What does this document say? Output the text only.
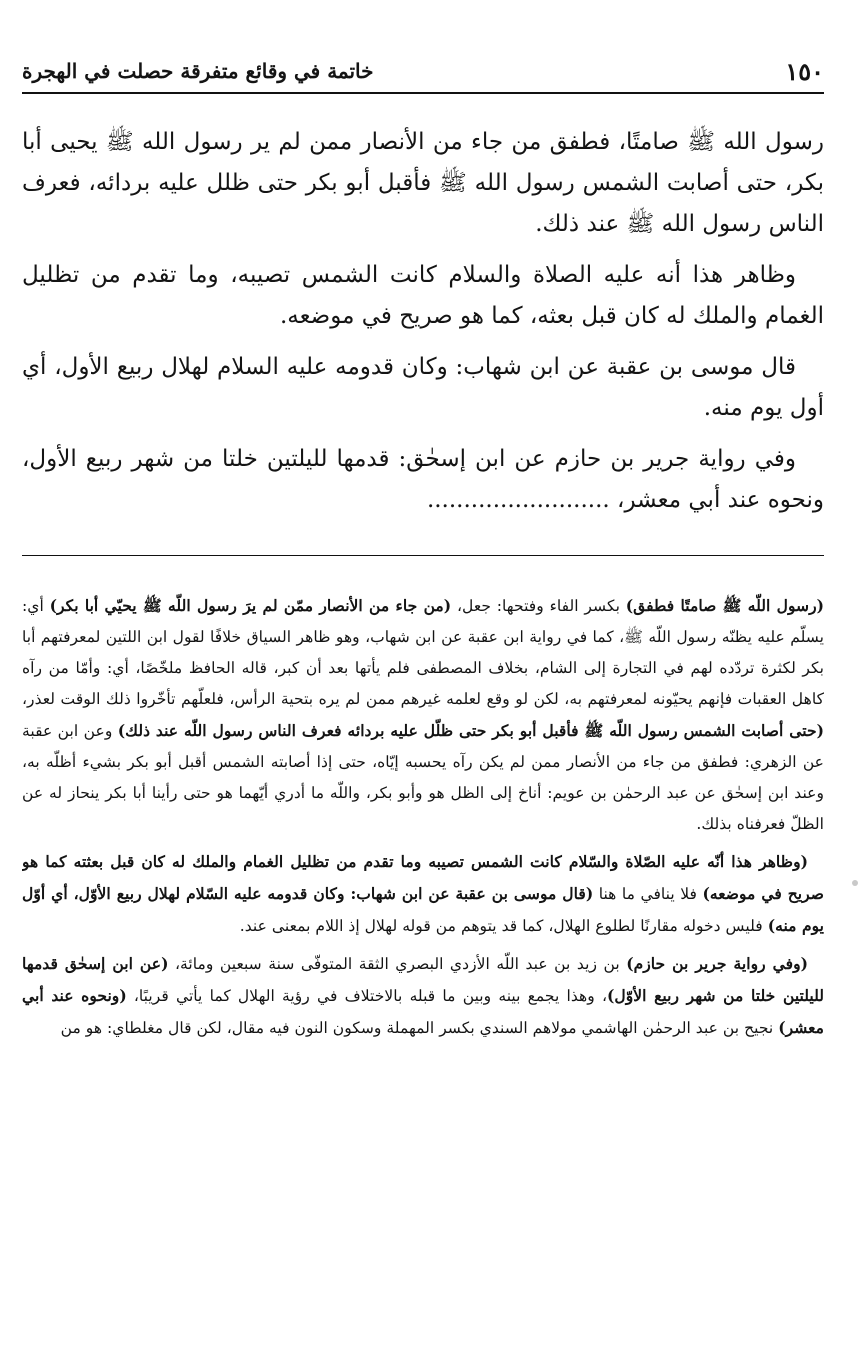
١٥٠
خاتمة في وقائع متفرقة حصلت في الهجرة

رسول الله ﷺ صامتًا، فطفق من جاء من الأنصار ممن لم ير رسول الله ﷺ يحيى أبا بكر، حتى أصابت الشمس رسول الله ﷺ فأقبل أبو بكر حتى ظلل عليه بردائه، فعرف الناس رسول الله ﷺ عند ذلك.

وظاهر هذا أنه عليه الصلاة والسلام كانت الشمس تصيبه، وما تقدم من تظليل الغمام والملك له كان قبل بعثه، كما هو صريح في موضعه.

قال موسى بن عقبة عن ابن شهاب: وكان قدومه عليه السلام لهلال ربيع الأول، أي أول يوم منه.

وفي رواية جرير بن حازم عن ابن إسحٰق: قدمها لليلتين خلتا من شهر ربيع الأول، ونحوه عند أبي معشر، .........................

(رسول اللّه ﷺ صامتًا فطفق) بكسر الفاء وفتحها: جعل، (من جاء من الأنصار ممّن لم يرَ رسول اللّه ﷺ يحيّي أبا بكر) أي: يسلّم عليه يظنّه رسول اللّه ﷺ، كما في رواية ابن عقبة عن ابن شهاب، وهو ظاهر السياق خلافًا لقول ابن اللتين لمعرفتهم أبا بكر لكثرة تردّده لهم في التجارة إلى الشام، بخلاف المصطفى فلم يأتها بعد أن كبر، قاله الحافظ ملخّصًا، أي: وأمّا من رآه كاهل العقبات فإنهم يحيّونه لمعرفتهم به، لكن لو وقع لعلمه غيرهم ممن لم يره بتحية الرأس، فلعلّهم تأخّروا ذلك الوقت لعذر، (حتى أصابت الشمس رسول اللّه ﷺ فأقبل أبو بكر حتى ظلّل عليه بردائه فعرف الناس رسول اللّه عند ذلك) وعن ابن عقبة عن الزهري: فطفق من جاء من الأنصار ممن لم يكن رآه يحسبه إيّاه، حتى إذا أصابته الشمس أقبل أبو بكر بشيء أظلّه به، وعند ابن إسحٰق عن عبد الرحمٰن بن عويم: أناخ إلى الظل هو وأبو بكر، واللّه ما أدري أيّهما هو حتى رأينا أبا بكر ينحاز له عن الظلّ فعرفناه بذلك.

(وظاهر هذا أنّه عليه الصّلاة والسّلام كانت الشمس تصيبه وما تقدم من تظليل الغمام والملك له كان قبل بعثته كما هو صريح في موضعه) فلا ينافي ما هنا (قال موسى بن عقبة عن ابن شهاب: وكان قدومه عليه السّلام لهلال ربيع الأوّل، أي أوّل يوم منه) فليس دخوله مقارنًا لطلوع الهلال، كما قد يتوهم من قوله لهلال إذ اللام بمعنى عند.

(وفي رواية جرير بن حازم) بن زيد بن عبد اللّه الأزدي البصري الثقة المتوفّى سنة سبعين ومائة، (عن ابن إسحٰق قدمها لليلتين خلتا من شهر ربيع الأوّل)، وهذا يجمع بينه وبين ما قبله بالاختلاف في رؤية الهلال كما يأتي قريبًا، (ونحوه عند أبي معشر) نجيح بن عبد الرحمٰن الهاشمي مولاهم السندي بكسر المهملة وسكون النون فيه مقال، لكن قال مغلطاي: هو من
